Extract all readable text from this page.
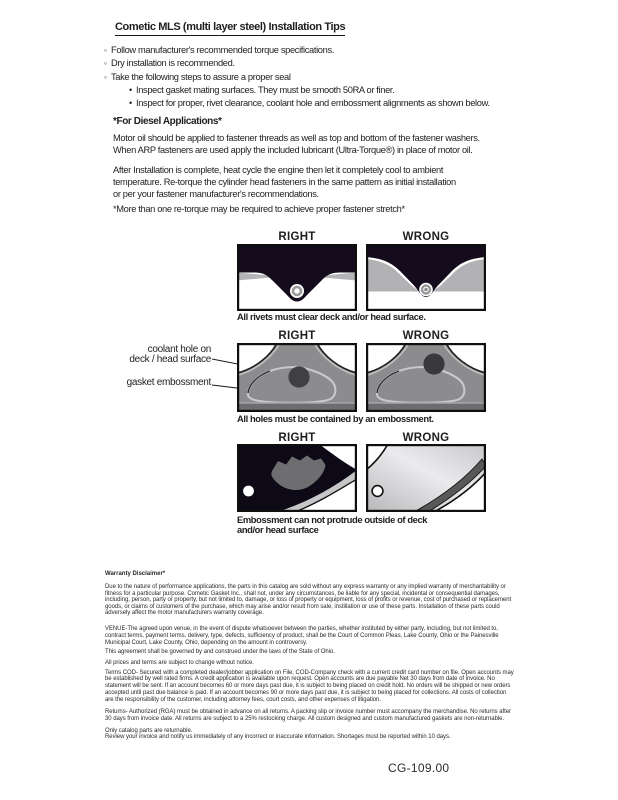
Cometic MLS (multi layer steel) Installation Tips
◦ Follow manufacturer's recommended torque specifications.
◦ Dry installation is recommended.
◦ Take the following steps to assure a proper seal
• Inspect gasket mating surfaces. They must be smooth 50RA or finer.
• Inspect for proper, rivet clearance, coolant hole and embossment alignments as shown below.
*For Diesel Applications*
Motor oil should be applied to fastener threads as well as top and bottom of the fastener washers.
When ARP fasteners are used apply the included lubricant (Ultra-Torque®) in place of motor oil.
After Installation is complete, heat cycle the engine then let it completely cool to ambient
temperature. Re-torque the cylinder head fasteners in the same pattern as initial installation
or per your fastener manufacturer's recommendations.
*More than one re-torque may be required to achieve proper fastener stretch*
RIGHT	WRONG
All rivets must clear deck and/or head surface.
RIGHT	WRONG
coolant hole on
deck / head surface
gasket embossment
All holes must be contained by an embossment.
RIGHT	WRONG
Embossment can not protrude outside of deck
and/or head surface
Warranty Disclaimer*
Due to the nature of performance applications, the parts in this catalog are sold without any express warranty or any implied warranty of merchantability or
fitness for a particular purpose. Cometic Gasket Inc., shall not, under any circumstances, be liable for any special, incidental or consequential damages,
including, person, party or property, but not limited to, damage, or loss of property or equipment, loss of profits or revenue, cost of purchased or replacement
goods, or claims of customers of the purchase, which may arise and/or result from sale, instillation or use of these parts. Installation of these parts could
adversely affect the motor manufacturers warranty coverage.
VENUE-The agreed upon venue, in the event of dispute whatsoever between the parties, whether instituted by either party, including, but not limited to,
contract terms, payment terms, delivery, type, defects, sufficiency of product, shall be the Court of Common Pleas, Lake County, Ohio or the Painesville
Municipal Court, Lake County, Ohio, depending on the amount in controversy.
This agreement shall be governed by and construed under the laws of the State of Ohio.
All prices and terms are subject to change without notice.
Terms COD- Secured with a completed dealer/jobber application on File, COD-Company check with a current credit card number on file. Open accounts may
be established by well rated firms. A credit application is available upon request. Open accounts are due payable Net 30 days from date of invoice. No
statement will be sent. If an account becomes 60 or more days past due, it is subject to being placed on credit hold. No orders will be shipped or new orders
accepted until past due balance is paid. If an account becomes 90 or more days past due, it is subject to being placed for collections. All costs of collection
are the responsibility of the customer, including attorney fees, court costs, and other expenses of litigation.
Returns- Authorized (RGA) must be obtained in advance on all returns. A packing slip or invoice number must accompany the merchandise. No returns after
30 days from invoice date. All returns are subject to a 25% restocking charge. All custom designed and custom manufactured gaskets are non-returnable.
Only catalog parts are returnable.
Review your invoice and notify us immediately of any incorrect or inaccurate information. Shortages must be reported within 10 days.
CG-109.00
